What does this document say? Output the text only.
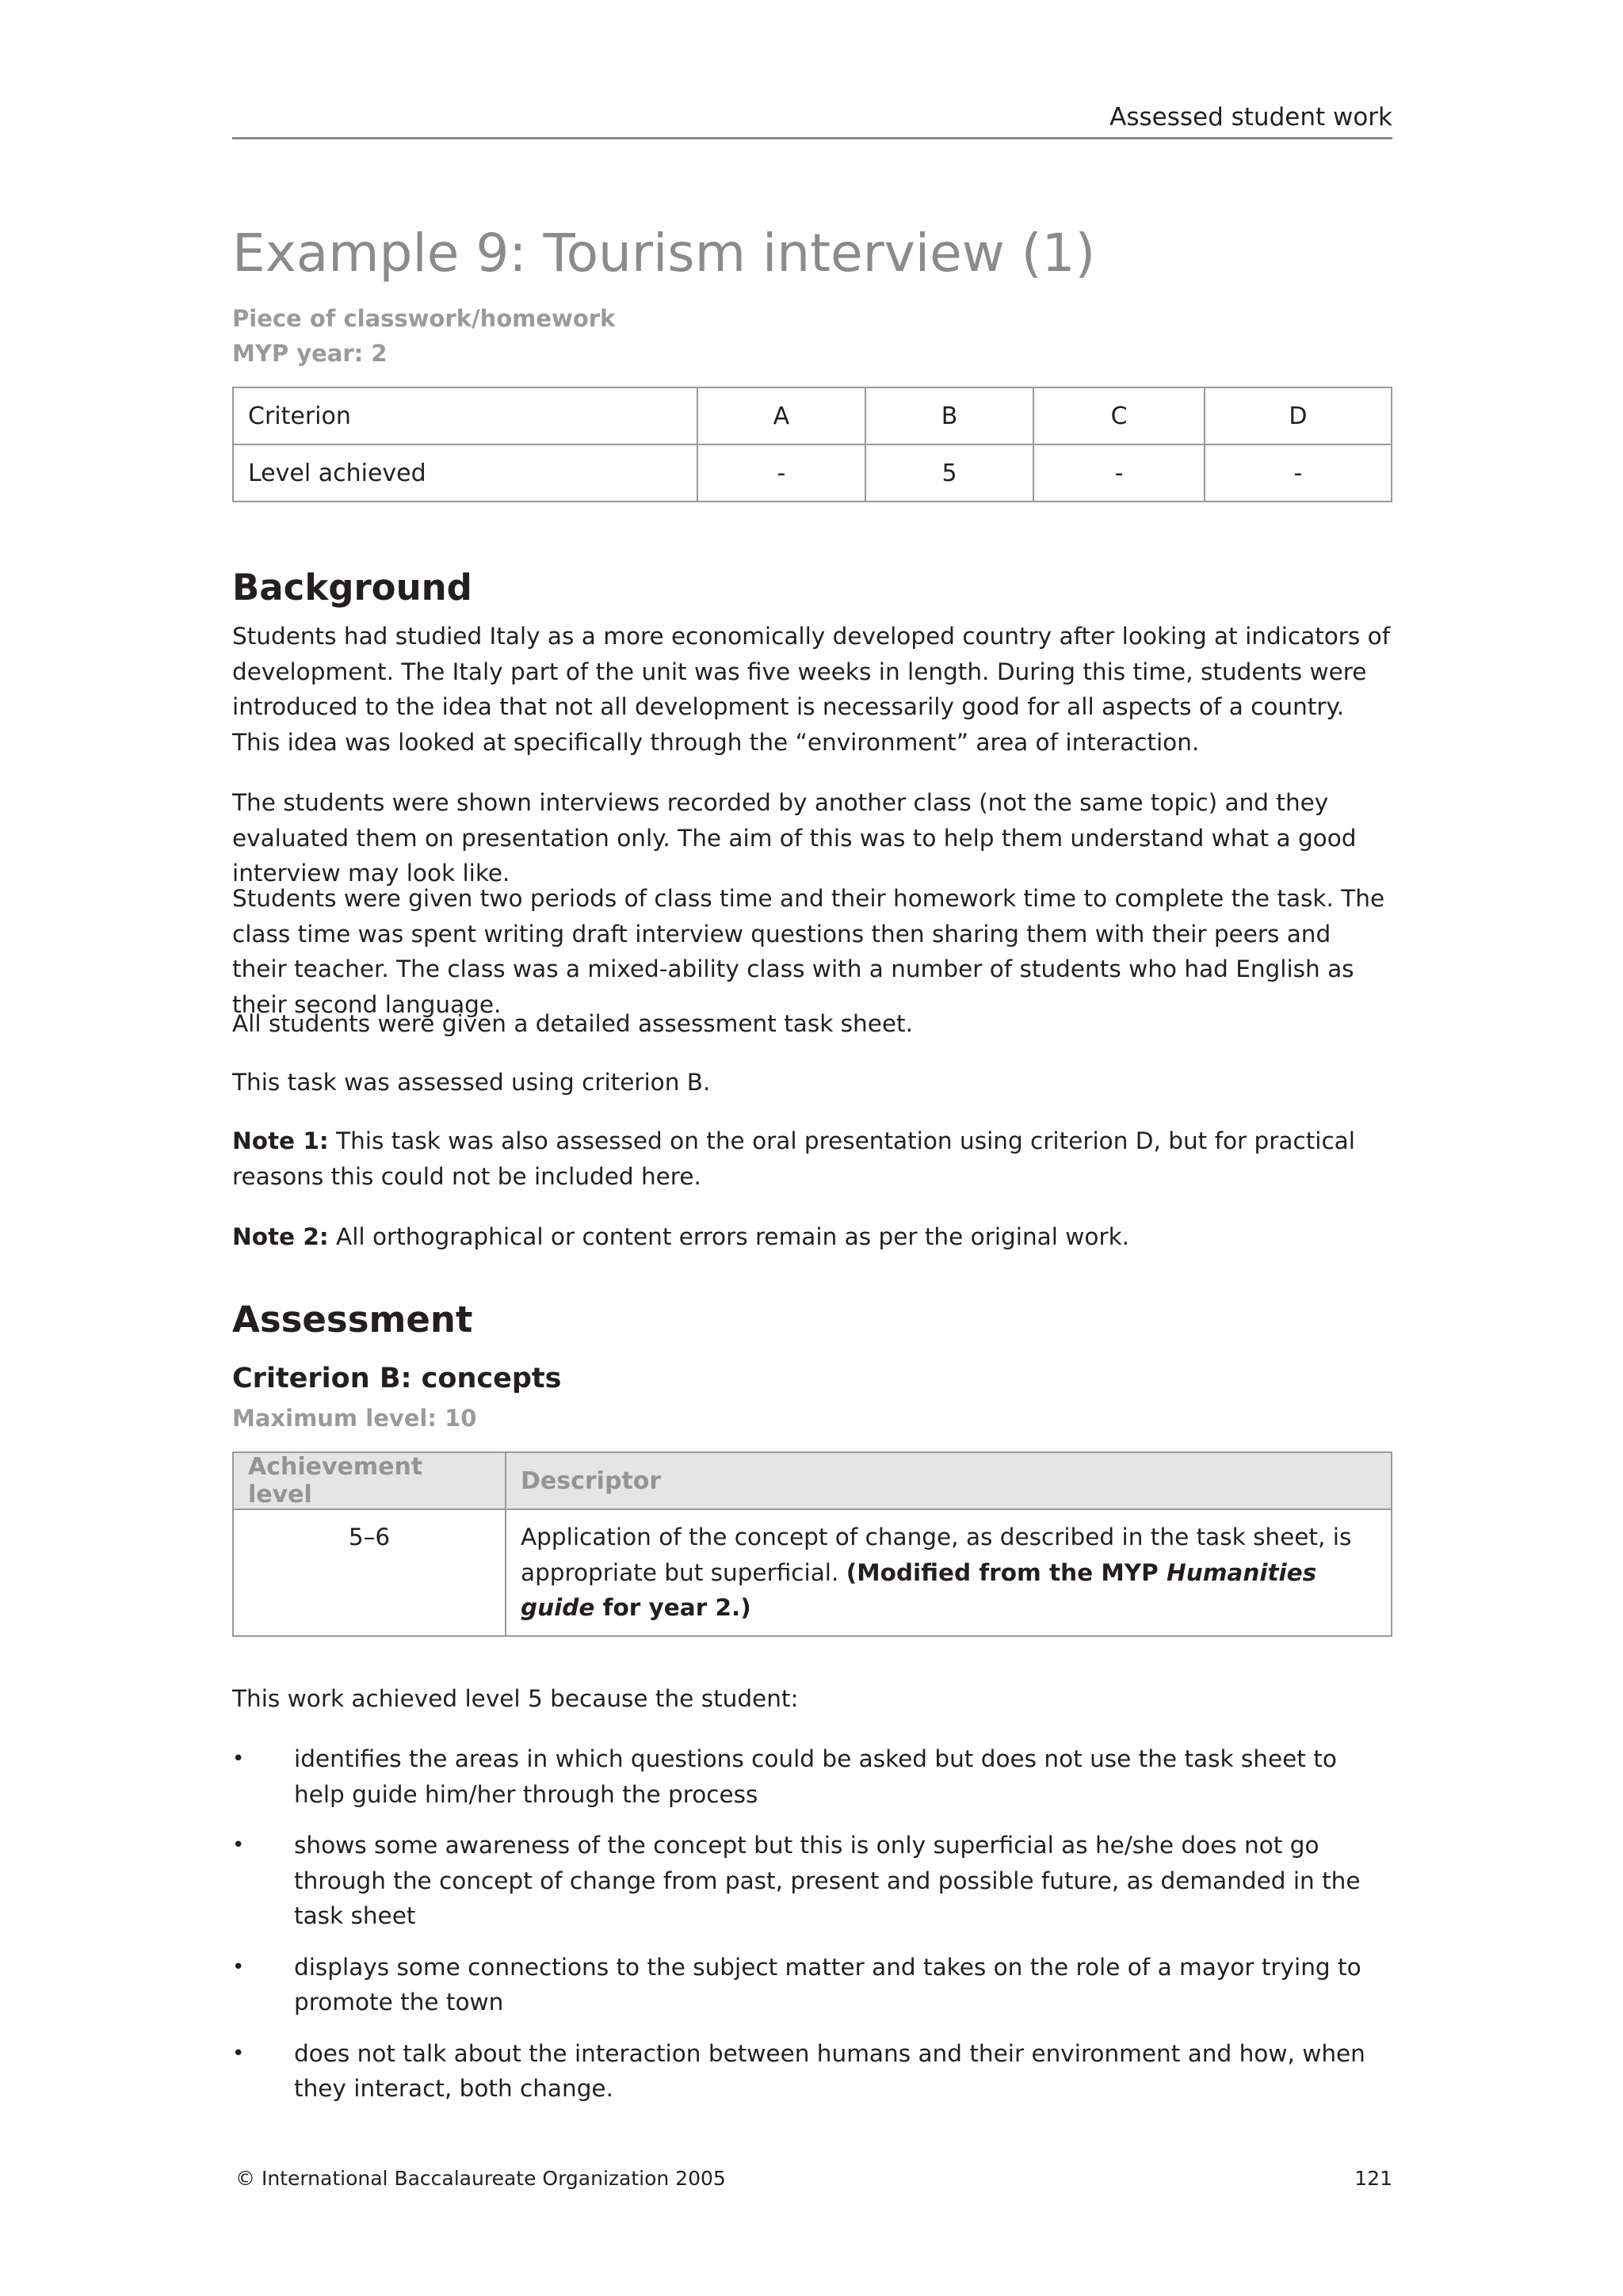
Assessed student work
Example 9: Tourism interview (1)
Piece of classwork/homework
MYP year: 2
Criterion	A	B	C	D
Level achieved	-	5	-	-
Background

Students had studied Italy as a more economically developed country after looking at indicators of development. The Italy part of the unit was five weeks in length. During this time, students were introduced to the idea that not all development is necessarily good for all aspects of a country. This idea was looked at specifically through the “environment” area of interaction.

The students were shown interviews recorded by another class (not the same topic) and they evaluated them on presentation only. The aim of this was to help them understand what a good interview may look like.

Students were given two periods of class time and their homework time to complete the task. The class time was spent writing draft interview questions then sharing them with their peers and their teacher. The class was a mixed-ability class with a number of students who had English as their second language.

All students were given a detailed assessment task sheet.

This task was assessed using criterion B.

Note 1: This task was also assessed on the oral presentation using criterion D, but for practical reasons this could not be included here.

Note 2: All orthographical or content errors remain as per the original work.

Assessment
Criterion B: concepts
Maximum level: 10
Achievement level	Descriptor
5–6	Application of the concept of change, as described in the task sheet, is appropriate but superficial. (Modified from the MYP Humanities guide for year 2.)

This work achieved level 5 because the student:

• identifies the areas in which questions could be asked but does not use the task sheet to help guide him/her through the process
• shows some awareness of the concept but this is only superficial as he/she does not go through the concept of change from past, present and possible future, as demanded in the task sheet
• displays some connections to the subject matter and takes on the role of a mayor trying to promote the town
• does not talk about the interaction between humans and their environment and how, when they interact, both change.
© International Baccalaureate Organization 2005	121
